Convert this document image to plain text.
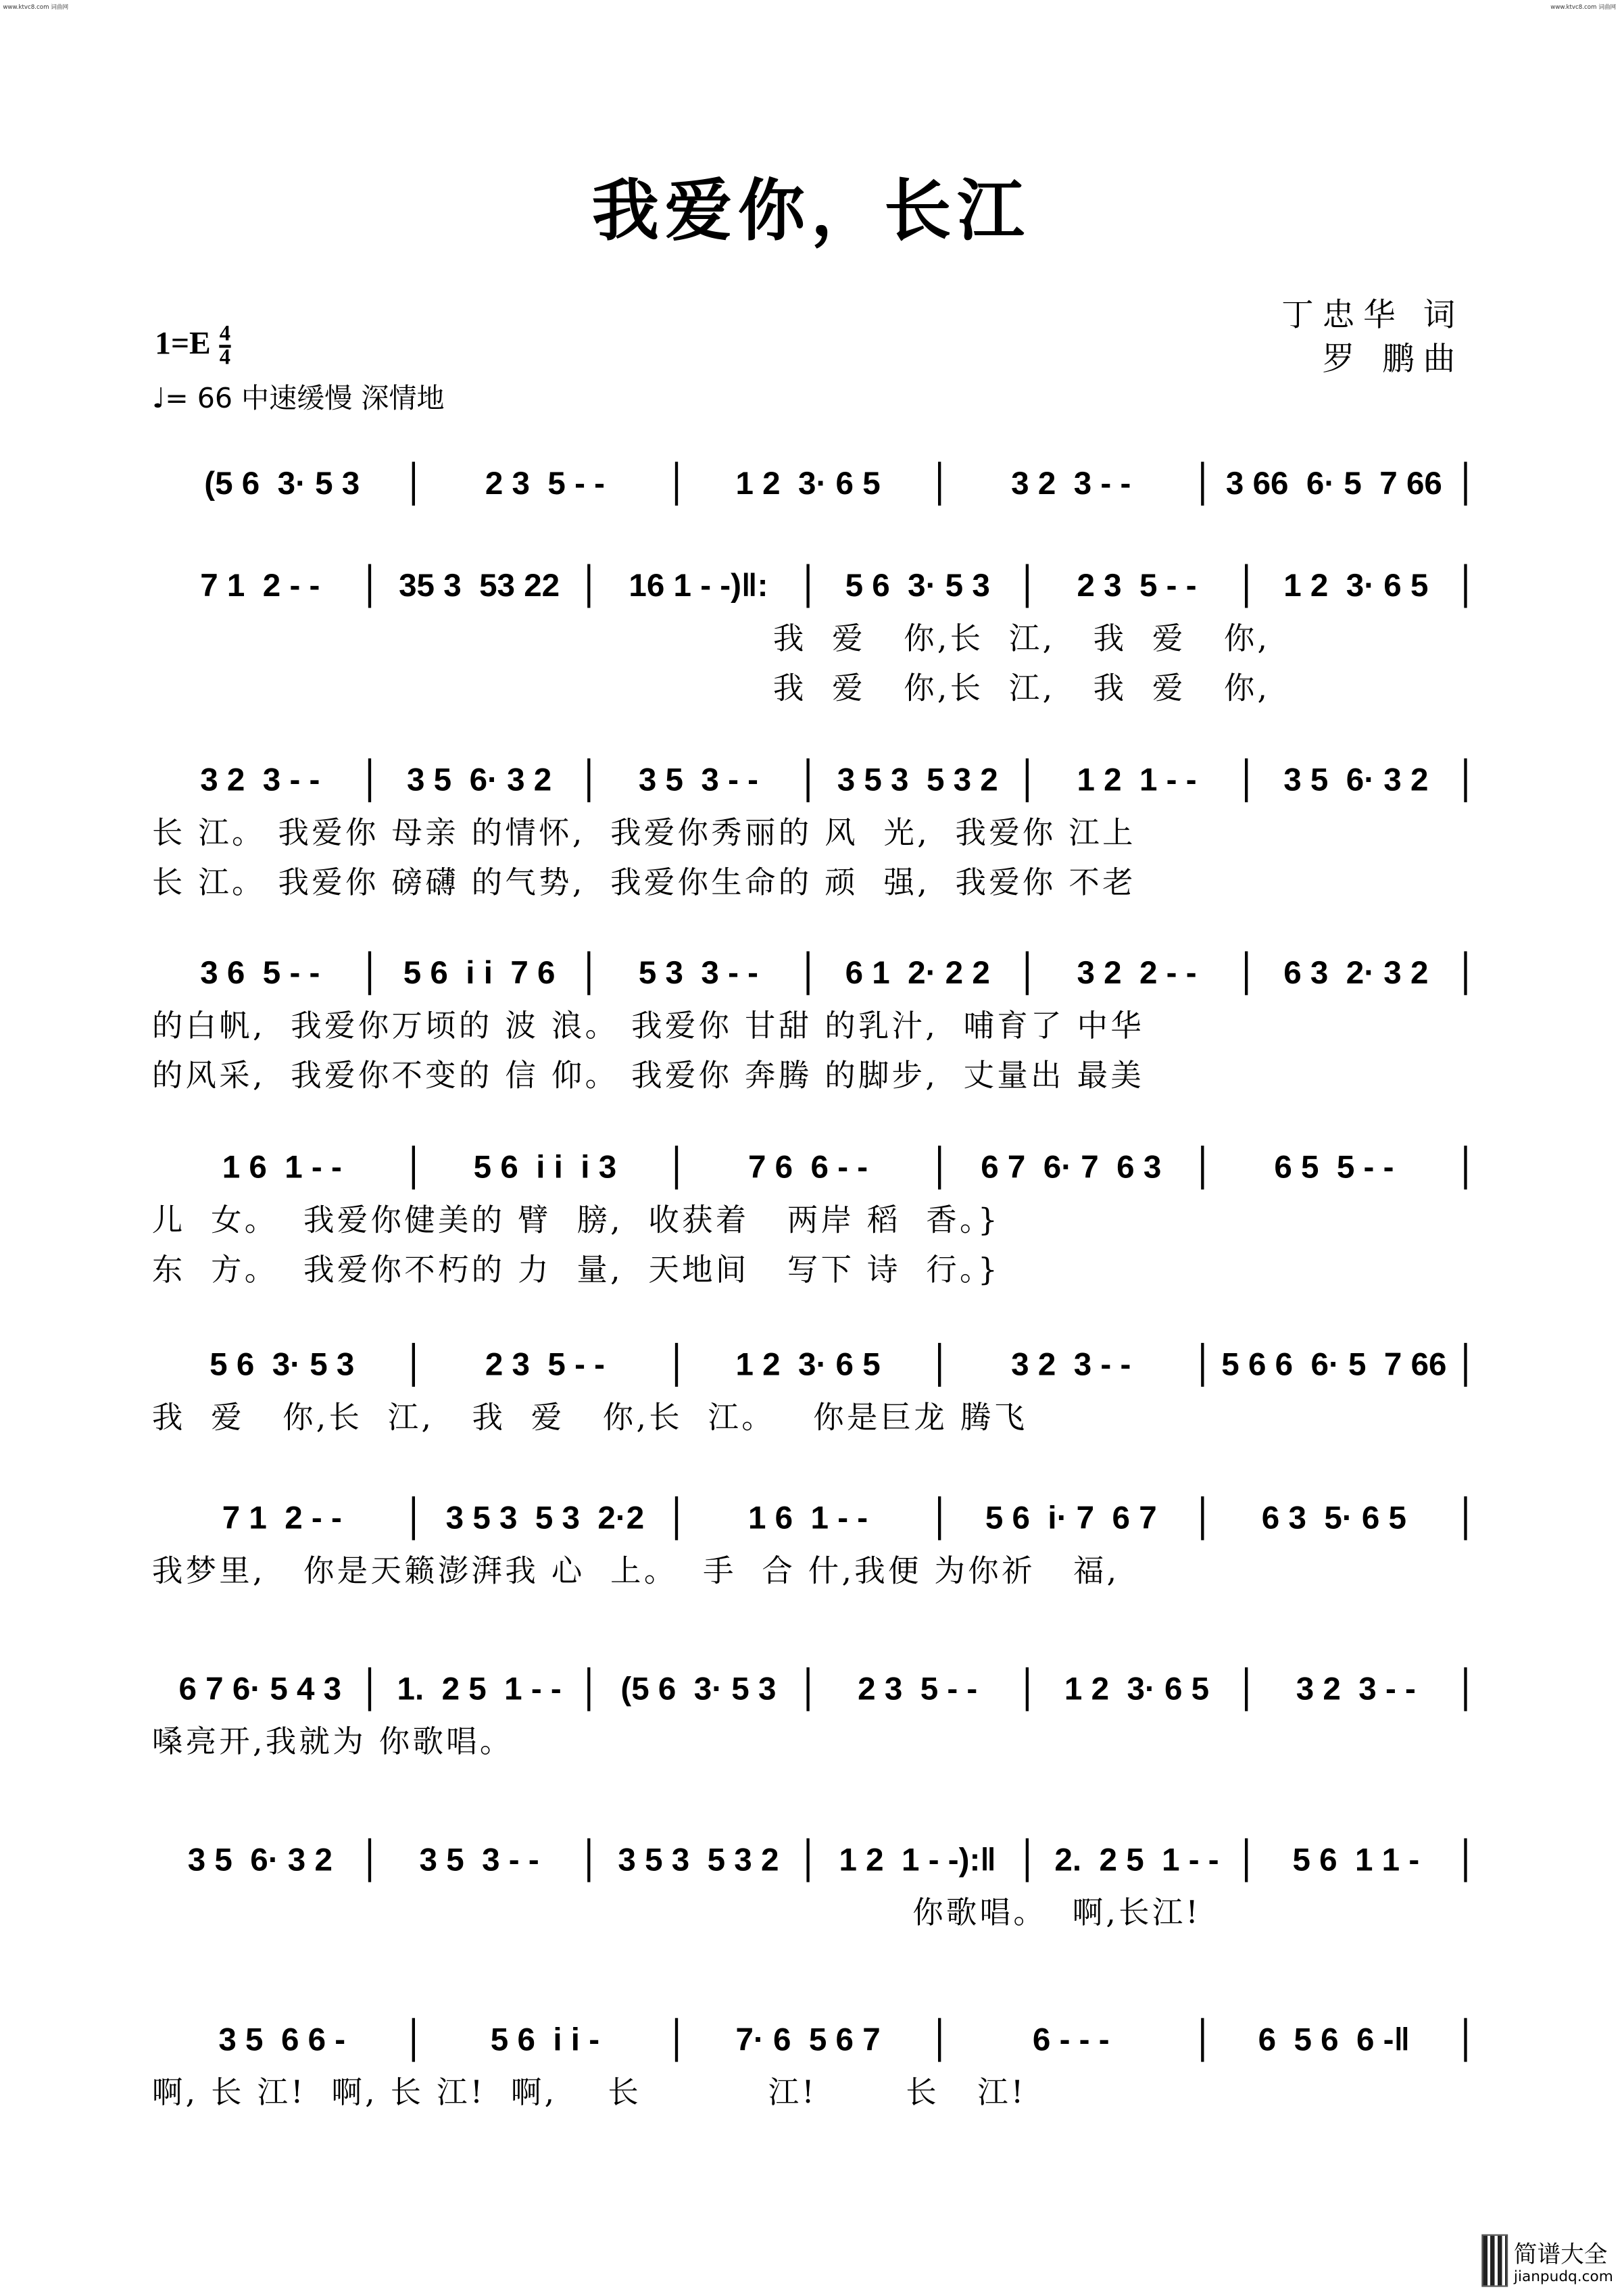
www.ktvc8.com 词曲网	www.ktvc8.com 词曲网
我爱你，长江
$1=E \frac{4}{4}$
♩= 66 中速缓慢 深情地
丁忠华 词
罗 鹏曲
(5 6  3· 5 3	2 3  5 - -	1 2  3· 6 5	3 2  3 - -	3 66  6· 5  7 66
7 1  2 - -	35 3  53 22	16 1 - -)‖:	5 6  3· 5 3	2 3  5 - -	1 2  3· 6 5
我  爱   你,长  江,   我  爱   你,
我  爱   你,长  江,   我  爱   你,
3 2  3 - -	3 5  6· 3 2	3 5  3 - -	3 5 3  5 3 2	1 2  1 - -	3 5  6· 3 2
长 江。 我爱你 母亲 的情怀,  我爱你秀丽的 风  光,  我爱你 江上
长 江。 我爱你 磅礴 的气势,  我爱你生命的 顽  强,  我爱你 不老
3 6  5 - -	5 6  i i  7 6	5 3  3 - -	6 1  2· 2 2	3 2  2 - -	6 3  2· 3 2
的白帆,  我爱你万顷的 波 浪。 我爱你 甘甜 的乳汁,  哺育了 中华
的风采,  我爱你不变的 信 仰。 我爱你 奔腾 的脚步,  丈量出 最美
1 6  1 - -	5 6  i i  i 3	7 6  6 - -	6 7  6· 7  6 3	6 5  5 - -
儿  女。  我爱你健美的 臂  膀,  收获着   两岸 稻  香。}
东  方。  我爱你不朽的 力  量,  天地间   写下 诗  行。}
5 6  3· 5 3	2 3  5 - -	1 2  3· 6 5	3 2  3 - -	5 6 6  6· 5  7 66
我  爱   你,长  江,   我  爱   你,长  江。   你是巨龙 腾飞
7 1  2 - -	3 5 3  5 3  2·2	1 6  1 - -	5 6  i· 7  6 7	6 3  5· 6 5
我梦里,   你是天籁澎湃我 心  上。  手  合 什,我便 为你祈   福,
6 7 6· 5 4 3	1.  2 5  1 - -	(5 6  3· 5 3	2 3  5 - -	1 2  3· 6 5	3 2  3 - -
嗓亮开,我就为 你歌唱。
3 5  6· 3 2	3 5  3 - -	3 5 3  5 3 2	1 2  1 - -):‖	2.  2 5  1 - -	5 6  1 1 -
你歌唱。  啊,长江!
3 5  6 6 -	5 6  i i -	7· 6  5 6 7	6 - - -	6  5 6  6 -‖
啊, 长 江!  啊, 长 江!  啊,    长          江!       长   江!
简谱大全
jianpudq.com
